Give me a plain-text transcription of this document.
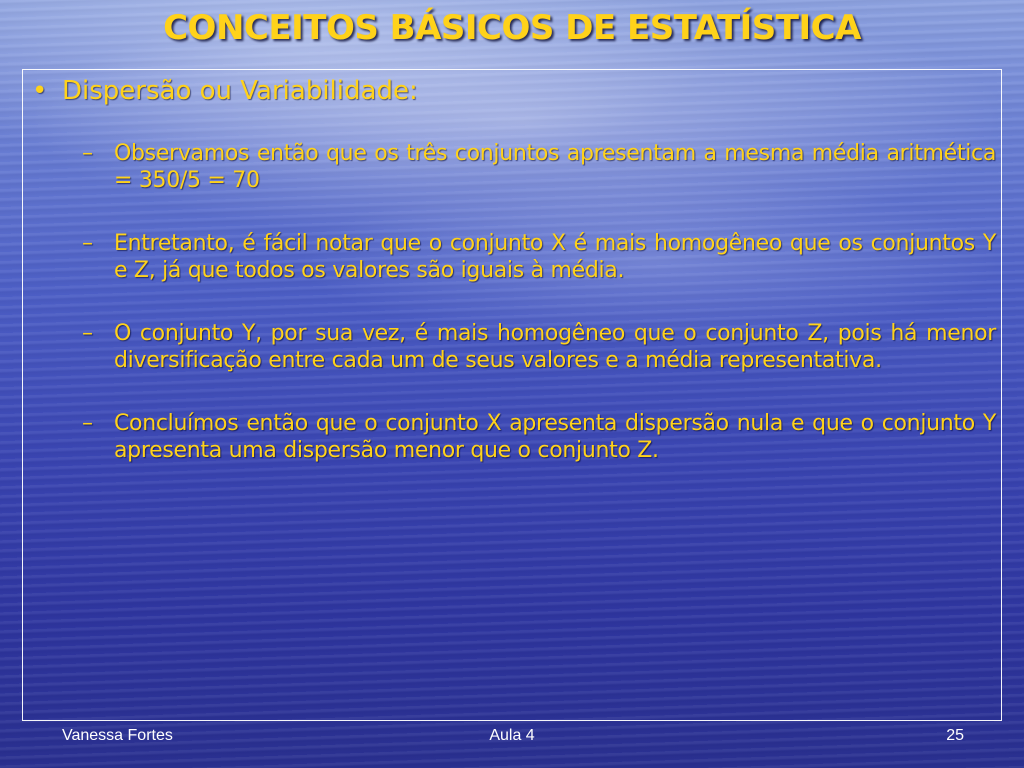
CONCEITOS BÁSICOS DE ESTATÍSTICA
• Dispersão ou Variabilidade:
– Observamos então que os três conjuntos apresentam a mesma média aritmética = 350/5 = 70
– Entretanto, é fácil notar que o conjunto X é mais homogêneo que os conjuntos Y e Z, já que todos os valores são iguais à média.
– O conjunto Y, por sua vez, é mais homogêneo que o conjunto Z, pois há menor diversificação entre cada um de seus valores e a média representativa.
– Concluímos então que o conjunto X apresenta dispersão nula e que o conjunto Y apresenta uma dispersão menor que o conjunto Z.
Vanessa Fortes	Aula 4	25
